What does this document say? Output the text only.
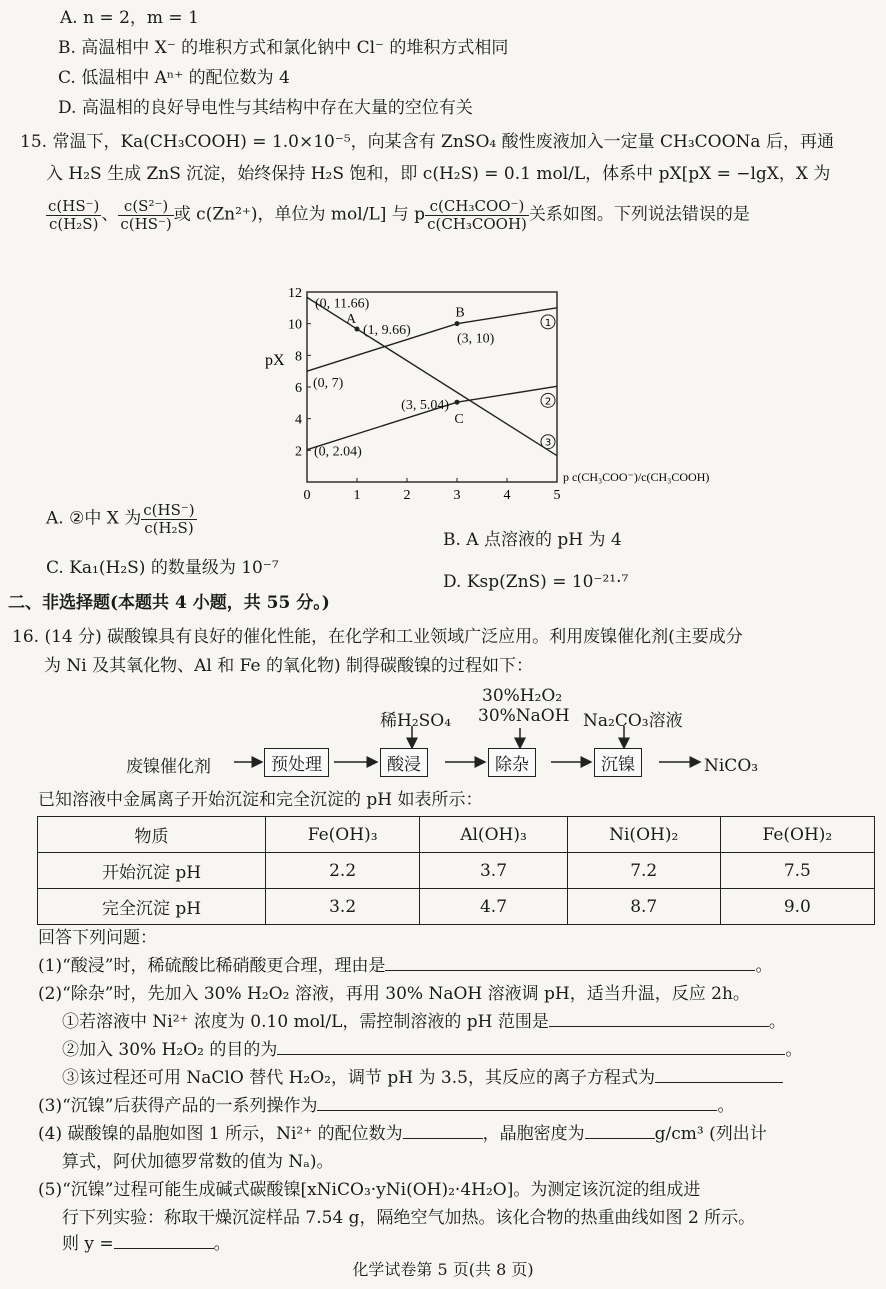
A. n = 2，m = 1
B. 高温相中 X⁻ 的堆积方式和氯化钠中 Cl⁻ 的堆积方式相同
C. 低温相中 Aⁿ⁺ 的配位数为 4
D. 高温相的良好导电性与其结构中存在大量的空位有关
15. 常温下，Ka(CH₃COOH) = 1.0×10⁻⁵，向某含有 ZnSO₄ 酸性废液加入一定量 CH₃COONa 后，再通
入 H₂S 生成 ZnS 沉淀，始终保持 H₂S 饱和，即 c(H₂S) = 0.1 mol/L，体系中 pX[pX = −lgX，X 为
$\frac{c(HS^-)}{\text{c(H₂S)}}$ 、 $\frac{\text{c(S²⁻)}}{c(HS^-)}$ 或 c(Zn²⁺)，单位为 mol/L] 与 p $\frac{\text{c(CH₃COO⁻)}}{\text{c(CH₃COOH)}}$ 关系如图。下列说法错误的是
0	1	2	3	4	5
2
4
6
8
10
12
pX
p c(CH₃COO⁻)/c(CH₃COOH)
1
2
3
(0, 11.66)
A
(1, 9.66)
B
(3, 10)
(0, 7)
(3, 5.04)
C
(0, 2.04)
A. ②中 X 为 $\frac{c(HS^-)}{\text{c(H₂S)}}$
B. A 点溶液的 pH 为 4
C. Ka₁(H₂S) 的数量级为 10⁻⁷
D. Ksp(ZnS) = 10⁻²¹·⁷
二、非选择题(本题共 4 小题，共 55 分。)
16. (14 分) 碳酸镍具有良好的催化性能，在化学和工业领域广泛应用。利用废镍催化剂(主要成分
为 Ni 及其氧化物、Al 和 Fe 的氧化物) 制得碳酸镍的过程如下：
废镍催化剂	预处理	酸浸	除杂	沉镍	NiCO₃
稀H₂SO₄
30%H₂O₂
30%NaOH Na₂CO₃溶液
已知溶液中金属离子开始沉淀和完全沉淀的 pH 如表所示：
物质	Fe(OH)₃	Al(OH)₃	Ni(OH)₂	Fe(OH)₂
开始沉淀 pH	2.2	3.7	7.2	7.5
完全沉淀 pH	3.2	4.7	8.7	9.0
回答下列问题：
(1)“酸浸”时，稀硫酸比稀硝酸更合理，理由是	。
(2)“除杂”时，先加入 30% H₂O₂ 溶液，再用 30% NaOH 溶液调 pH，适当升温，反应 2h。
①若溶液中 Ni²⁺ 浓度为 0.10 mol/L，需控制溶液的 pH 范围是	。
②加入 30% H₂O₂ 的目的为	。
③该过程还可用 NaClO 替代 H₂O₂，调节 pH 为 3.5，其反应的离子方程式为
(3)“沉镍”后获得产品的一系列操作为	。
(4) 碳酸镍的晶胞如图 1 所示，Ni²⁺ 的配位数为	，晶胞密度为	g/cm³ (列出计
算式，阿伏加德罗常数的值为 Nₐ)。
(5)“沉镍”过程可能生成碱式碳酸镍[xNiCO₃·yNi(OH)₂·4H₂O]。为测定该沉淀的组成进
行下列实验：称取干燥沉淀样品 7.54 g，隔绝空气加热。该化合物的热重曲线如图 2 所示。
则 y =	。
化学试卷第 5 页(共 8 页)
